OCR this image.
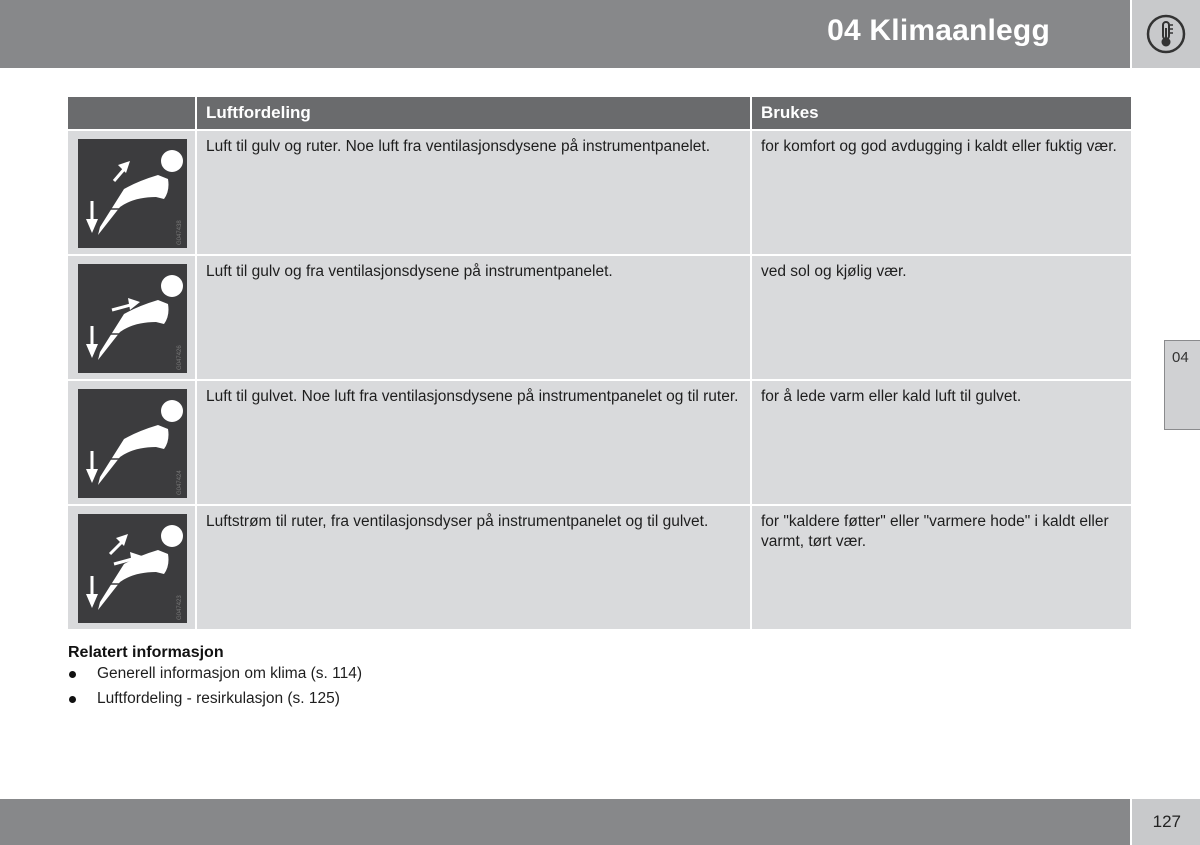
04 Klimaanlegg
04
Luftfordeling	Brukes
G047438
Luft til gulv og ruter. Noe luft fra ventilasjonsdysene på instrumentpanelet.	for komfort og god avdugging i kaldt eller fuktig vær.
G047426
Luft til gulv og fra ventilasjonsdysene på instrumentpanelet.	ved sol og kjølig vær.
G047424
Luft til gulvet. Noe luft fra ventilasjonsdysene på instrumentpanelet og til ruter.	for å lede varm eller kald luft til gulvet.
G047423
Luftstrøm til ruter, fra ventilasjonsdyser på instrumentpanelet og til gulvet.	for "kaldere føtter" eller "varmere hode" i kaldt eller varmt, tørt vær.
Relatert informasjon
Generell informasjon om klima (s. 114)
Luftfordeling - resirkulasjon (s. 125)
127
